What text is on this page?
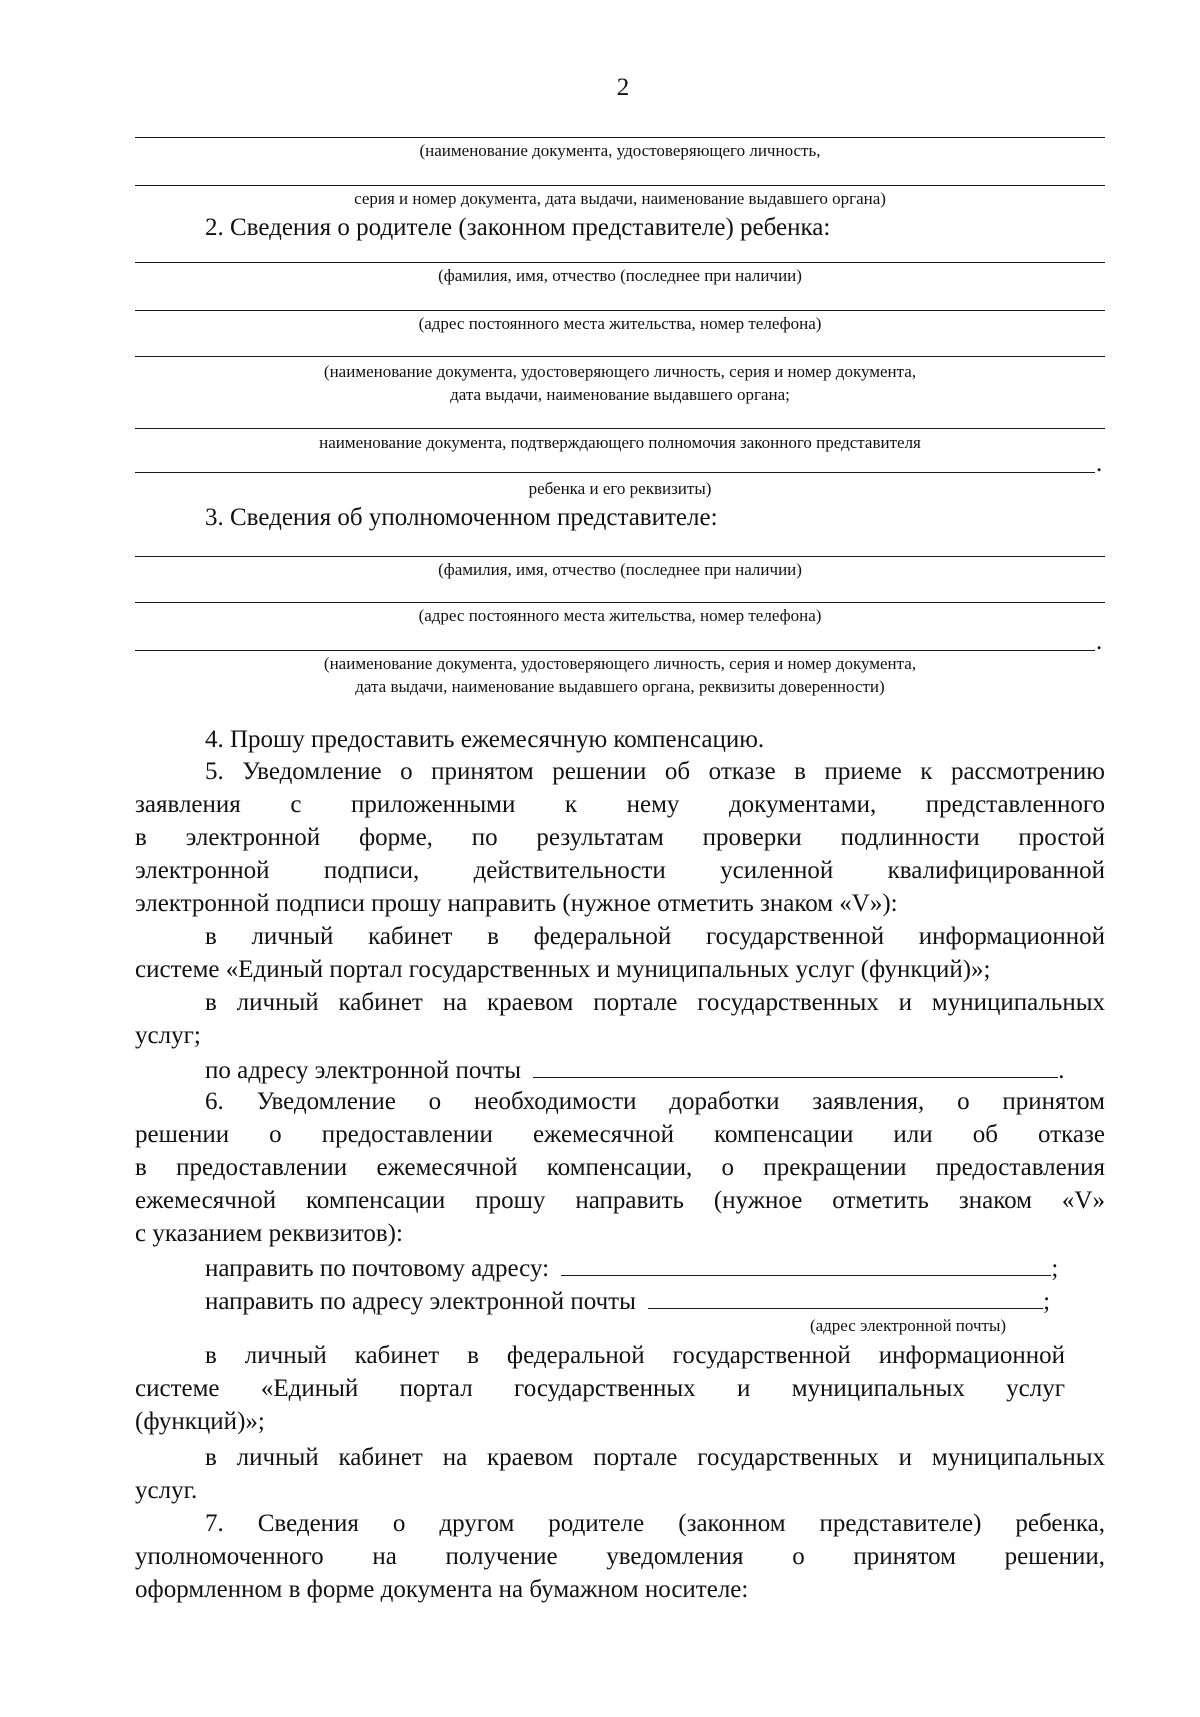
2
(наименование документа, удостоверяющего личность,
серия и номер документа, дата выдачи, наименование выдавшего органа)
2. Сведения о родителе (законном представителе) ребенка:
(фамилия, имя, отчество (последнее при наличии)
(адрес постоянного места жительства, номер телефона)
(наименование документа, удостоверяющего личность, серия и номер документа,
дата выдачи, наименование выдавшего органа;
наименование документа, подтверждающего полномочия законного представителя
.
ребенка и его реквизиты)
3. Сведения об уполномоченном представителе:
(фамилия, имя, отчество (последнее при наличии)
(адрес постоянного места жительства, номер телефона)
.
(наименование документа, удостоверяющего личность, серия и номер документа,
дата выдачи, наименование выдавшего органа, реквизиты доверенности)
4. Прошу предоставить ежемесячную компенсацию.
5. Уведомление о принятом решении об отказе в приеме к рассмотрению
заявления с приложенными к нему документами, представленного
в электронной форме, по результатам проверки подлинности простой
электронной подписи, действительности усиленной квалифицированной
электронной подписи прошу направить (нужное отметить знаком «V»):
в личный кабинет в федеральной государственной информационной
системе «Единый портал государственных и муниципальных услуг (функций)»;
в личный кабинет на краевом портале государственных и муниципальных
услуг;
по адресу электронной почты	.
6. Уведомление о необходимости доработки заявления, о принятом
решении о предоставлении ежемесячной компенсации или об отказе
в предоставлении ежемесячной компенсации, о прекращении предоставления
ежемесячной компенсации прошу направить (нужное отметить знаком «V»
с указанием реквизитов):
направить по почтовому адресу:	;
направить по адресу электронной почты	;
(адрес электронной почты)
в личный кабинет в федеральной государственной информационной
системе «Единый портал государственных и муниципальных услуг
(функций)»;
в личный кабинет на краевом портале государственных и муниципальных
услуг.
7. Сведения о другом родителе (законном представителе) ребенка,
уполномоченного на получение уведомления о принятом решении,
оформленном в форме документа на бумажном носителе:
